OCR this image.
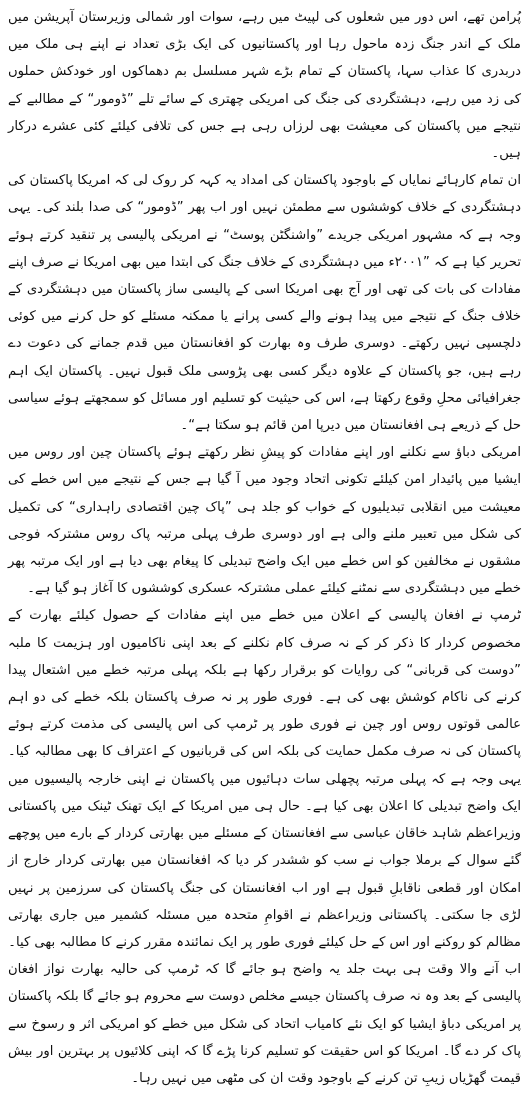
پُرامن تھے، اس دور میں شعلوں کی لپیٹ میں رہے، سوات اور شمالی وزیرستان آپریشن میں ملک کے اندر جنگ زدہ ماحول رہا اور پاکستانیوں کی ایک بڑی تعداد نے اپنے ہی ملک میں دربدری کا عذاب سہا، پاکستان کے تمام بڑے شہر مسلسل بم دھماکوں اور خودکش حملوں کی زد میں رہے، دہشتگردی کی جنگ کی امریکی چھتری کے سائے تلے ”ڈومور“ کے مطالبے کے نتیجے میں پاکستان کی معیشت بھی لرزاں رہی ہے جس کی تلافی کیلئے کئی عشرے درکار ہیں۔

ان تمام کارہائے نمایاں کے باوجود پاکستان کی امداد یہ کہہ کر روک لی کہ امریکا پاکستان کی دہشتگردی کے خلاف کوششوں سے مطمئن نہیں اور اب پھر ”ڈومور“ کی صدا بلند کی۔ یہی وجہ ہے کہ مشہور امریکی جریدے ”واشنگٹن پوسٹ“ نے امریکی پالیسی پر تنقید کرتے ہوئے تحریر کیا ہے کہ ”۲۰۰۱ء میں دہشتگردی کے خلاف جنگ کی ابتدا میں بھی امریکا نے صرف اپنے مفادات کی بات کی تھی اور آج بھی امریکا اسی کے پالیسی ساز پاکستان میں دہشتگردی کے خلاف جنگ کے نتیجے میں پیدا ہونے والے کسی پرانے یا ممکنہ مسئلے کو حل کرنے میں کوئی دلچسپی نہیں رکھتے۔ دوسری طرف وہ بھارت کو افغانستان میں قدم جمانے کی دعوت دے رہے ہیں، جو پاکستان کے علاوہ دیگر کسی بھی پڑوسی ملک قبول نہیں۔ پاکستان ایک اہم جغرافیائی محلِ وقوع رکھتا ہے، اس کی حیثیت کو تسلیم اور مسائل کو سمجھتے ہوئے سیاسی حل کے ذریعے ہی افغانستان میں دیرپا امن قائم ہو سکتا ہے“۔

امریکی دباؤ سے نکلنے اور اپنے مفادات کو پیشِ نظر رکھتے ہوئے پاکستان چین اور روس میں ایشیا میں پائیدار امن کیلئے تکونی اتحاد وجود میں آ گیا ہے جس کے نتیجے میں اس خطے کی معیشت میں انقلابی تبدیلیوں کے خواب کو جلد ہی ”پاک چین اقتصادی راہداری“ کی تکمیل کی شکل میں تعبیر ملنے والی ہے اور دوسری طرف پہلی مرتبہ پاک روس مشترکہ فوجی مشقوں نے مخالفین کو اس خطے میں ایک واضح تبدیلی کا پیغام بھی دیا ہے اور ایک مرتبہ پھر خطے میں دہشتگردی سے نمٹنے کیلئے عملی مشترکہ عسکری کوششوں کا آغاز ہو گیا ہے۔

ٹرمپ نے افغان پالیسی کے اعلان میں خطے میں اپنے مفادات کے حصول کیلئے بھارت کے مخصوص کردار کا ذکر کر کے نہ صرف کام نکلنے کے بعد اپنی ناکامیوں اور ہزیمت کا ملبہ ”دوست کی قربانی“ کی روایات کو برقرار رکھا ہے بلکہ پہلی مرتبہ خطے میں اشتعال پیدا کرنے کی ناکام کوشش بھی کی ہے۔ فوری طور پر نہ صرف پاکستان بلکہ خطے کی دو اہم عالمی قوتوں روس اور چین نے فوری طور پر ٹرمپ کی اس پالیسی کی مذمت کرتے ہوئے پاکستان کی نہ صرف مکمل حمایت کی بلکہ اس کی قربانیوں کے اعتراف کا بھی مطالبہ کیا۔ یہی وجہ ہے کہ پہلی مرتبہ پچھلی سات دہائیوں میں پاکستان نے اپنی خارجہ پالیسیوں میں ایک واضح تبدیلی کا اعلان بھی کیا ہے۔ حال ہی میں امریکا کے ایک تھنک ٹینک میں پاکستانی وزیراعظم شاہد خاقان عباسی سے افغانستان کے مسئلے میں بھارتی کردار کے بارے میں پوچھے گئے سوال کے برملا جواب نے سب کو ششدر کر دیا کہ افغانستان میں بھارتی کردار خارج از امکان اور قطعی ناقابلِ قبول ہے اور اب افغانستان کی جنگ پاکستان کی سرزمین پر نہیں لڑی جا سکتی۔ پاکستانی وزیراعظم نے اقوامِ متحدہ میں مسئلہ کشمیر میں جاری بھارتی مظالم کو روکنے اور اس کے حل کیلئے فوری طور پر ایک نمائندہ مقرر کرنے کا مطالبہ بھی کیا۔

اب آنے والا وقت ہی بہت جلد یہ واضح ہو جائے گا کہ ٹرمپ کی حالیہ بھارت نواز افغان پالیسی کے بعد وہ نہ صرف پاکستان جیسے مخلص دوست سے محروم ہو جائے گا بلکہ پاکستان پر امریکی دباؤ ایشیا کو ایک نئے کامیاب اتحاد کی شکل میں خطے کو امریکی اثر و رسوخ سے پاک کر دے گا۔ امریکا کو اس حقیقت کو تسلیم کرنا پڑے گا کہ اپنی کلائیوں پر بہترین اور بیش قیمت گھڑیاں زیبِ تن کرنے کے باوجود وقت ان کی مٹھی میں نہیں رہا۔
